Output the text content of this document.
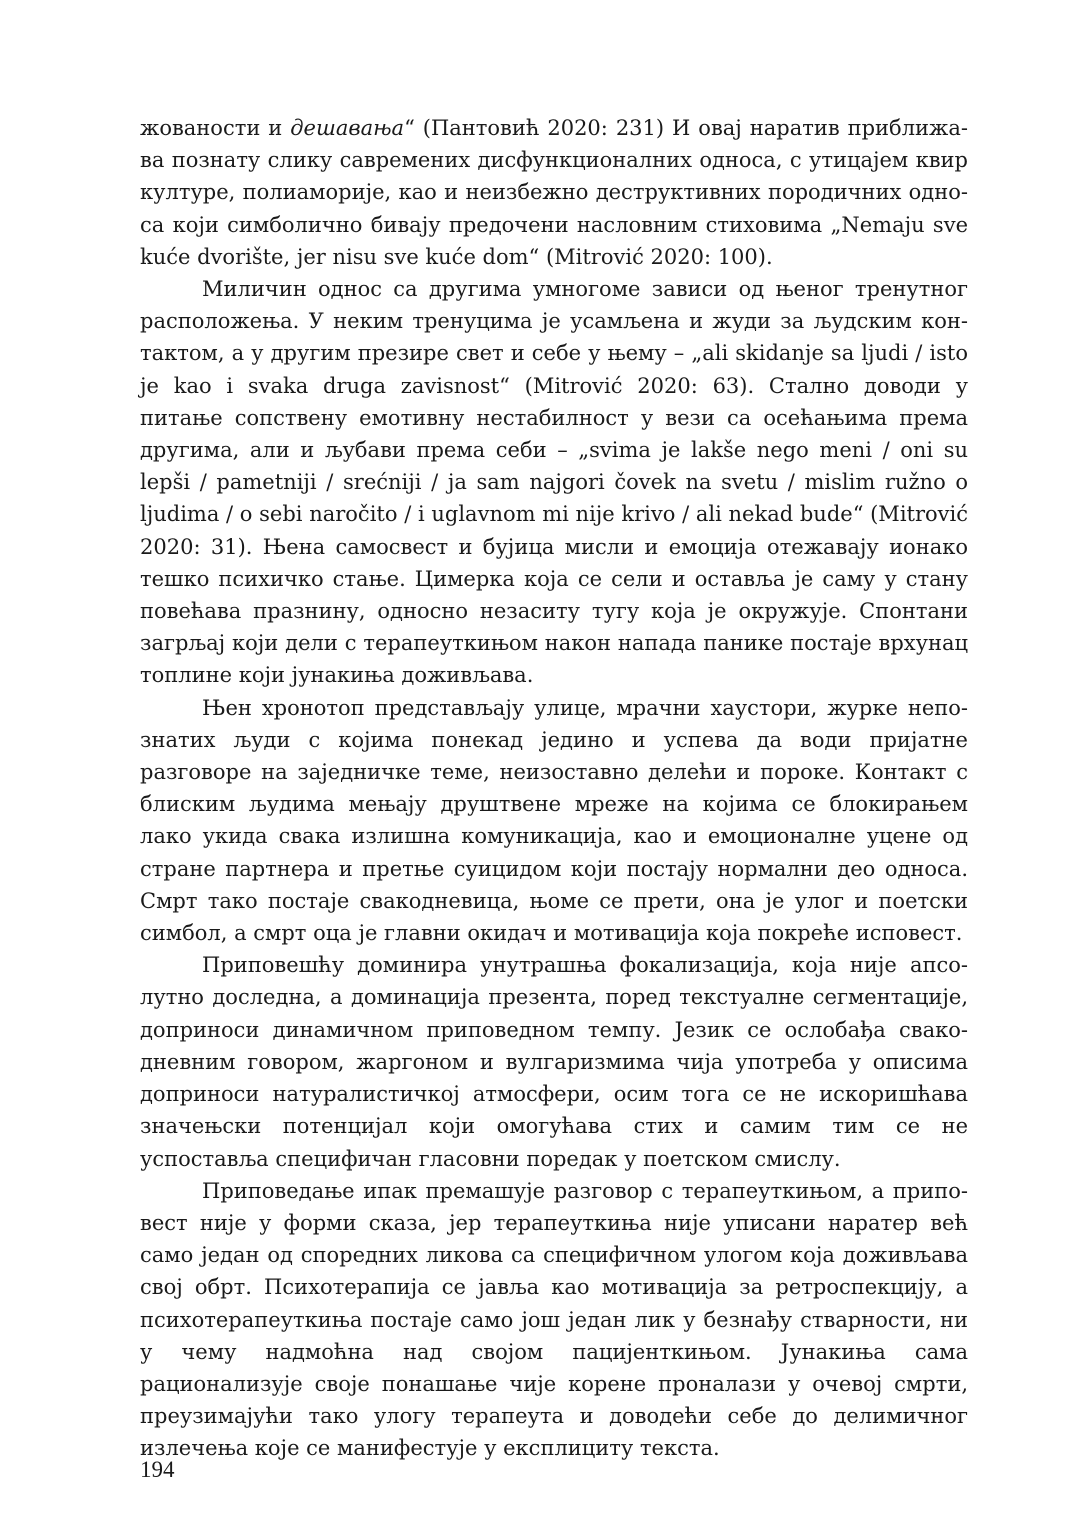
жованости и дешавања“ (Пантовић 2020: 231) И овај наратив приближава познату слику савремених дисфункционалних односа, с утицајем квир културе, полиаморије, као и неизбежно деструктивних породичних односа који симболично бивају предочени насловним стиховима „Nemaju sve kuće dvorište, jer nisu sve kuće dom“ (Mitrović 2020: 100).

Миличин однос са другима умногоме зависи од њеног тренутног расположења. У неким тренуцима је усамљена и жуди за људским контактом, а у другим презире свет и себе у њему – „ali skidanje sa ljudi / isto je kao i svaka druga zavisnost“ (Mitrović 2020: 63). Стално доводи у питање сопствену емотивну нестабилност у вези са осећањима према другима, али и љубави према себи – „svima je lakše nego meni / oni su lepši / pametniji / srećniji / ja sam najgori čovek na svetu / mislim ružno o ljudima / o sebi naročito / i uglavnom mi nije krivo / ali nekad bude“ (Mitrović 2020: 31). Њена самосвест и бујица мисли и емоција отежавају ионако тешко психичко стање. Цимерка која се сели и оставља је саму у стану повећава празнину, односно незаситу тугу која је окружује. Спонтани загрљај који дели с терапеуткињом након напада панике постаје врхунац топлине који јунакиња доживљава.

Њен хронотоп представљају улице, мрачни хаустори, журке непознатих људи с којима понекад једино и успева да води пријатне разговоре на заједничке теме, неизоставно делећи и пороке. Контакт с блиским људима мењају друштвене мреже на којима се блокирањем лако укида свака излишна комуникација, као и емоционалне уцене од стране партнера и претње суицидом који постају нормални део односа. Смрт тако постаје свакодневица, њоме се прети, она је улог и поетски симбол, а смрт оца је главни окидач и мотивација која покреће исповест.

Приповешћу доминира унутрашња фокализација, која није апсолутно доследна, а доминација презента, поред текстуалне сегментације, доприноси динамичном приповедном темпу. Језик се ослобађа свакодневним говором, жаргоном и вулгаризмима чија употреба у описима доприноси натуралистичкој атмосфери, осим тога се не искоришћава значењски потенцијал који омогућава стих и самим тим се не успоставља специфичан гласовни поредак у поетском смислу.

Приповедање ипак премашује разговор с терапеуткињом, а приповест није у форми сказа, јер терапеуткиња није уписани наратер већ само један од споредних ликова са специфичном улогом која доживљава свој обрт. Психотерапија се јавља као мотивација за ретроспекцију, а психотерапеуткиња постаје само још један лик у безнађу стварности, ни у чему надмоћна над својом пацијенткињом. Јунакиња сама рационализује своје понашање чије корене проналази у очевој смрти, преузимајући тако улогу терапеута и доводећи себе до делимичног излечења које се манифестује у експлициту текста.

194
